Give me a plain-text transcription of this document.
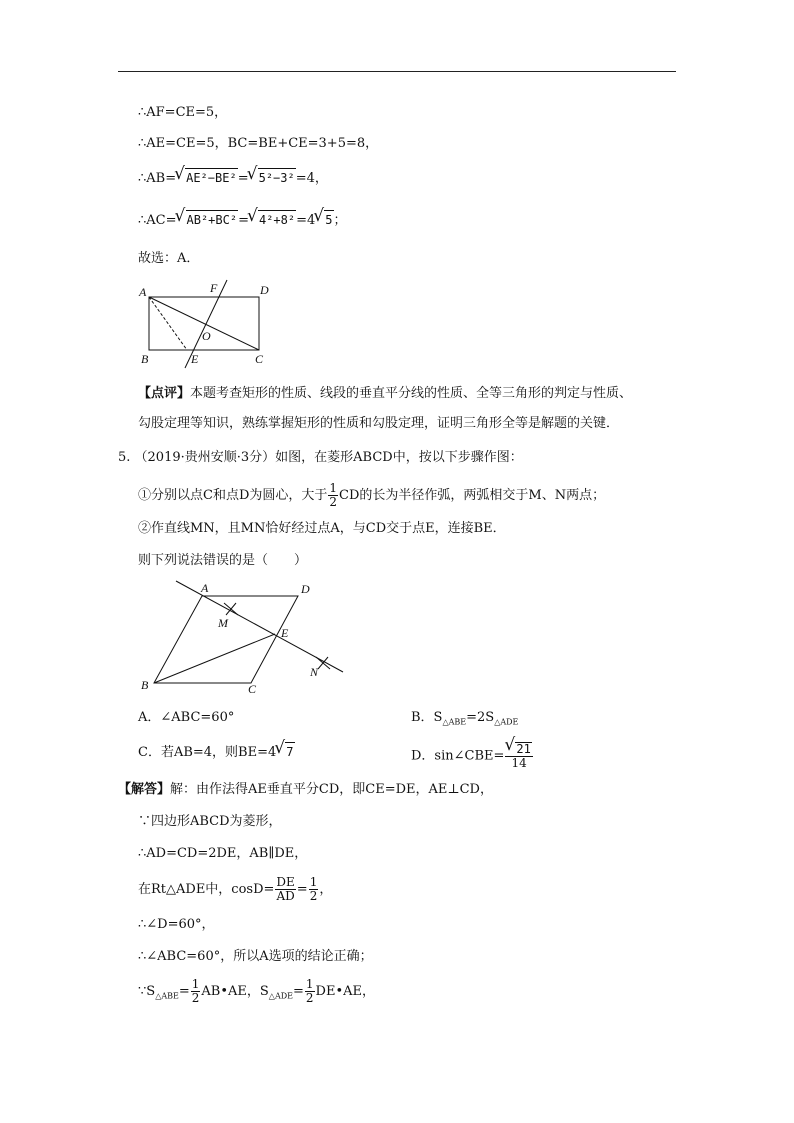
∴AF=CE=5，
∴AE=CE=5，BC=BE+CE=3+5=8，
∴AB= √ AE²−BE²= √ 5²−3²=4，
∴AC= √ AB²+BC²= √ 4²+8²=4 √ 5；
故选：A．
A	F	D
O
B	E	C
【点评】本题考查矩形的性质、线段的垂直平分线的性质、全等三角形的判定与性质、
勾股定理等知识，熟练掌握矩形的性质和勾股定理，证明三角形全等是解题的关键．
5. （2019·贵州安顺·3分）如图，在菱形ABCD中，按以下步骤作图：
①分别以点C和点D为圆心，大于 $\frac{1}{2}$ CD的长为半径作弧，两弧相交于M、N两点；
②作直线MN，且MN恰好经过点A，与CD交于点E，连接BE．
则下列说法错误的是（　　）
A	D
M
E
N
B	C
A．∠ABC=60°	B．$S_{\triangle ABE}=2S_{\triangle ADE}$
C．若AB=4，则BE=4 √ 7	D．sin∠CBE= √ $\frac{21}{14}$
【解答】解：由作法得AE垂直平分CD，即CE=DE，AE⊥CD，
∵四边形ABCD为菱形，
∴AD=CD=2DE，AB∥DE，
在Rt△ADE中，$\cos D= \frac{DE}{AD} = \frac{1}{2}$ ，
∴∠D=60°，
∴∠ABC=60°，所以A选项的结论正确；
$\because S_{\triangle ABE}= \frac{1}{2}$ AB•AE，$S_{\triangle ADE}= \frac{1}{2}$ DE•AE，
